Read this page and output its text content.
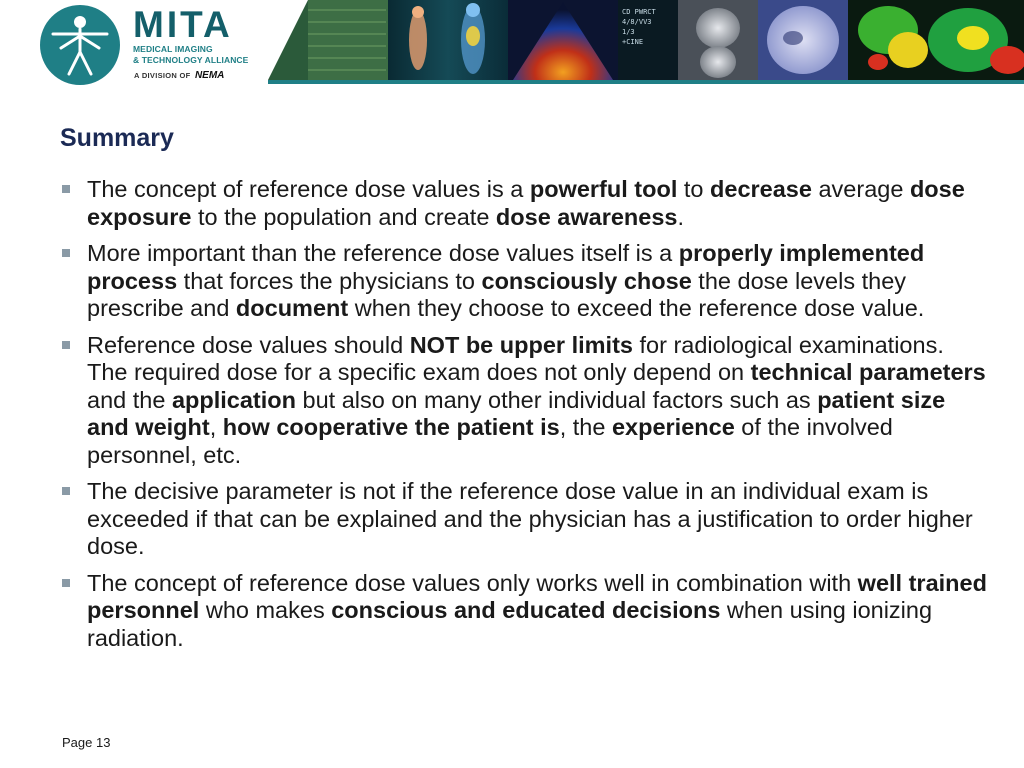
MITA
MEDICAL IMAGING
& TECHNOLOGY ALLIANCE
A DIVISION OF NEMA
CD PWRCT
4/8/VV3
1/3
+CINE
Summary
The concept of reference dose values is a powerful tool to decrease average dose exposure to the population and create dose awareness.
More important than the reference dose values itself is a properly implemented process that forces the physicians to consciously chose the dose levels they prescribe and document when they choose to exceed the reference dose value.
Reference dose values should NOT be upper limits for radiological examinations. The required dose for a specific exam does not only depend on technical parameters and the application but also on many other individual factors such as patient size and weight, how cooperative the patient is, the experience of the involved personnel, etc.
The decisive parameter is not if the reference dose value in an individual exam is exceeded if that can be explained and the physician has a justification to order higher dose.
The concept of reference dose values only works well in combination with well trained personnel who makes conscious and educated decisions when using ionizing radiation.
Page 13
